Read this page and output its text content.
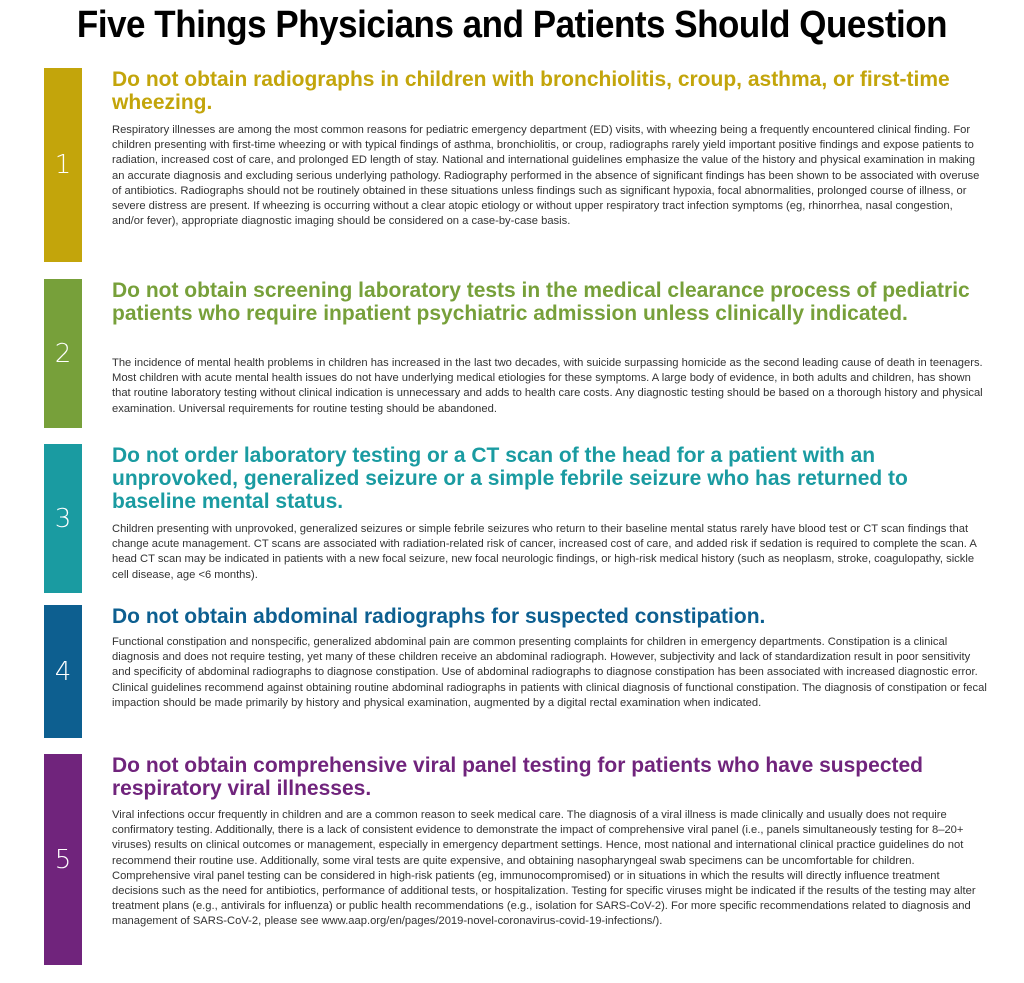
Five Things Physicians and Patients Should Question
1
Do not obtain radiographs in children with bronchiolitis, croup, asthma, or first-time wheezing.

Respiratory illnesses are among the most common reasons for pediatric emergency department (ED) visits, with wheezing being a frequently encountered clinical finding. For children presenting with first-time wheezing or with typical findings of asthma, bronchiolitis, or croup, radiographs rarely yield important positive findings and expose patients to radiation, increased cost of care, and prolonged ED length of stay. National and international guidelines emphasize the value of the history and physical examination in making an accurate diagnosis and excluding serious underlying pathology. Radiography performed in the absence of significant findings has been shown to be associated with overuse of antibiotics. Radiographs should not be routinely obtained in these situations unless findings such as significant hypoxia, focal abnormalities, prolonged course of illness, or severe distress are present. If wheezing is occurring without a clear atopic etiology or without upper respiratory tract infection symptoms (eg, rhinorrhea, nasal congestion, and/or fever), appropriate diagnostic imaging should be considered on a case-by-case basis.

2
Do not obtain screening laboratory tests in the medical clearance process of pediatric patients who require inpatient psychiatric admission unless clinically indicated.

The incidence of mental health problems in children has increased in the last two decades, with suicide surpassing homicide as the second leading cause of death in teenagers. Most children with acute mental health issues do not have underlying medical etiologies for these symptoms. A large body of evidence, in both adults and children, has shown that routine laboratory testing without clinical indication is unnecessary and adds to health care costs. Any diagnostic testing should be based on a thorough history and physical examination. Universal requirements for routine testing should be abandoned.

3
Do not order laboratory testing or a CT scan of the head for a patient with an unprovoked, generalized seizure or a simple febrile seizure who has returned to baseline mental status.

Children presenting with unprovoked, generalized seizures or simple febrile seizures who return to their baseline mental status rarely have blood test or CT scan findings that change acute management. CT scans are associated with radiation-related risk of cancer, increased cost of care, and added risk if sedation is required to complete the scan. A head CT scan may be indicated in patients with a new focal seizure, new focal neurologic findings, or high-risk medical history (such as neoplasm, stroke, coagulopathy, sickle cell disease, age <6 months).

4
Do not obtain abdominal radiographs for suspected constipation.

Functional constipation and nonspecific, generalized abdominal pain are common presenting complaints for children in emergency departments. Constipation is a clinical diagnosis and does not require testing, yet many of these children receive an abdominal radiograph. However, subjectivity and lack of standardization result in poor sensitivity and specificity of abdominal radiographs to diagnose constipation. Use of abdominal radiographs to diagnose constipation has been associated with increased diagnostic error. Clinical guidelines recommend against obtaining routine abdominal radiographs in patients with clinical diagnosis of functional constipation. The diagnosis of constipation or fecal impaction should be made primarily by history and physical examination, augmented by a digital rectal examination when indicated.

5
Do not obtain comprehensive viral panel testing for patients who have suspected respiratory viral illnesses.

Viral infections occur frequently in children and are a common reason to seek medical care. The diagnosis of a viral illness is made clinically and usually does not require confirmatory testing. Additionally, there is a lack of consistent evidence to demonstrate the impact of comprehensive viral panel (i.e., panels simultaneously testing for 8–20+ viruses) results on clinical outcomes or management, especially in emergency department settings. Hence, most national and international clinical practice guidelines do not recommend their routine use. Additionally, some viral tests are quite expensive, and obtaining nasopharyngeal swab specimens can be uncomfortable for children. Comprehensive viral panel testing can be considered in high-risk patients (eg, immunocompromised) or in situations in which the results will directly influence treatment decisions such as the need for antibiotics, performance of additional tests, or hospitalization. Testing for specific viruses might be indicated if the results of the testing may alter treatment plans (e.g., antivirals for influenza) or public health recommendations (e.g., isolation for SARS-CoV-2). For more specific recommendations related to diagnosis and management of SARS-CoV-2, please see www.aap.org/en/pages/2019-novel-coronavirus-covid-19-infections/).
